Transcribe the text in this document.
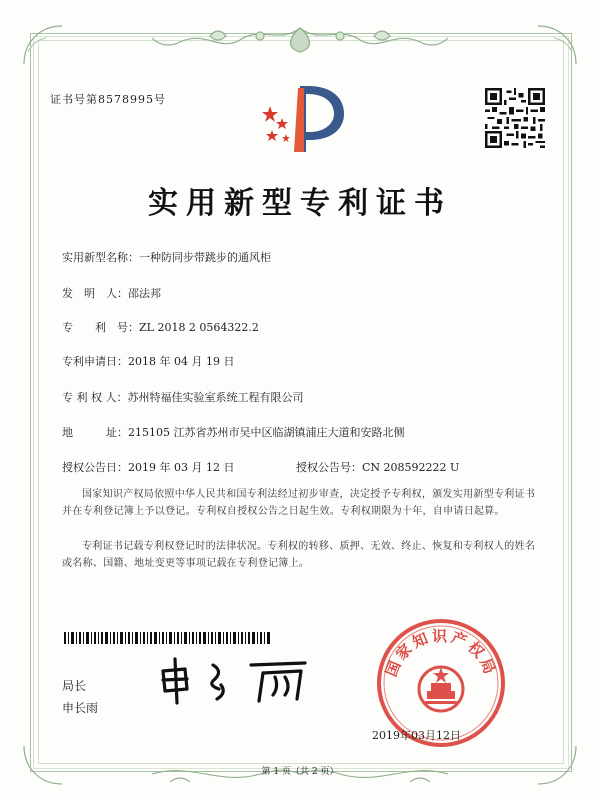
证书号第8578995号
实用新型专利证书
实用新型名称：一种防同步带跳步的通风柜
发　明　人：邵法邦
专　　利　号：ZL 2018 2 0564322.2
专利申请日：2018 年 04 月 19 日
专 利 权 人：苏州特福佳实验室系统工程有限公司
地　　　址：215105 江苏省苏州市吴中区临湖镇浦庄大道和安路北侧
授权公告日：2019 年 03 月 12 日	授权公告号：CN 208592222 U
国家知识产权局依照中华人民共和国专利法经过初步审查，决定授予专利权，颁发实用新型专利证书并在专利登记簿上予以登记。专利权自授权公告之日起生效。专利权期限为十年，自申请日起算。
专利证书记载专利权登记时的法律状况。专利权的转移、质押、无效、终止、恢复和专利权人的姓名或名称、国籍、地址变更等事项记载在专利登记簿上。
局长
申长雨
国家知识产权局
2019年03月12日
第 1 页（共 2 页）
